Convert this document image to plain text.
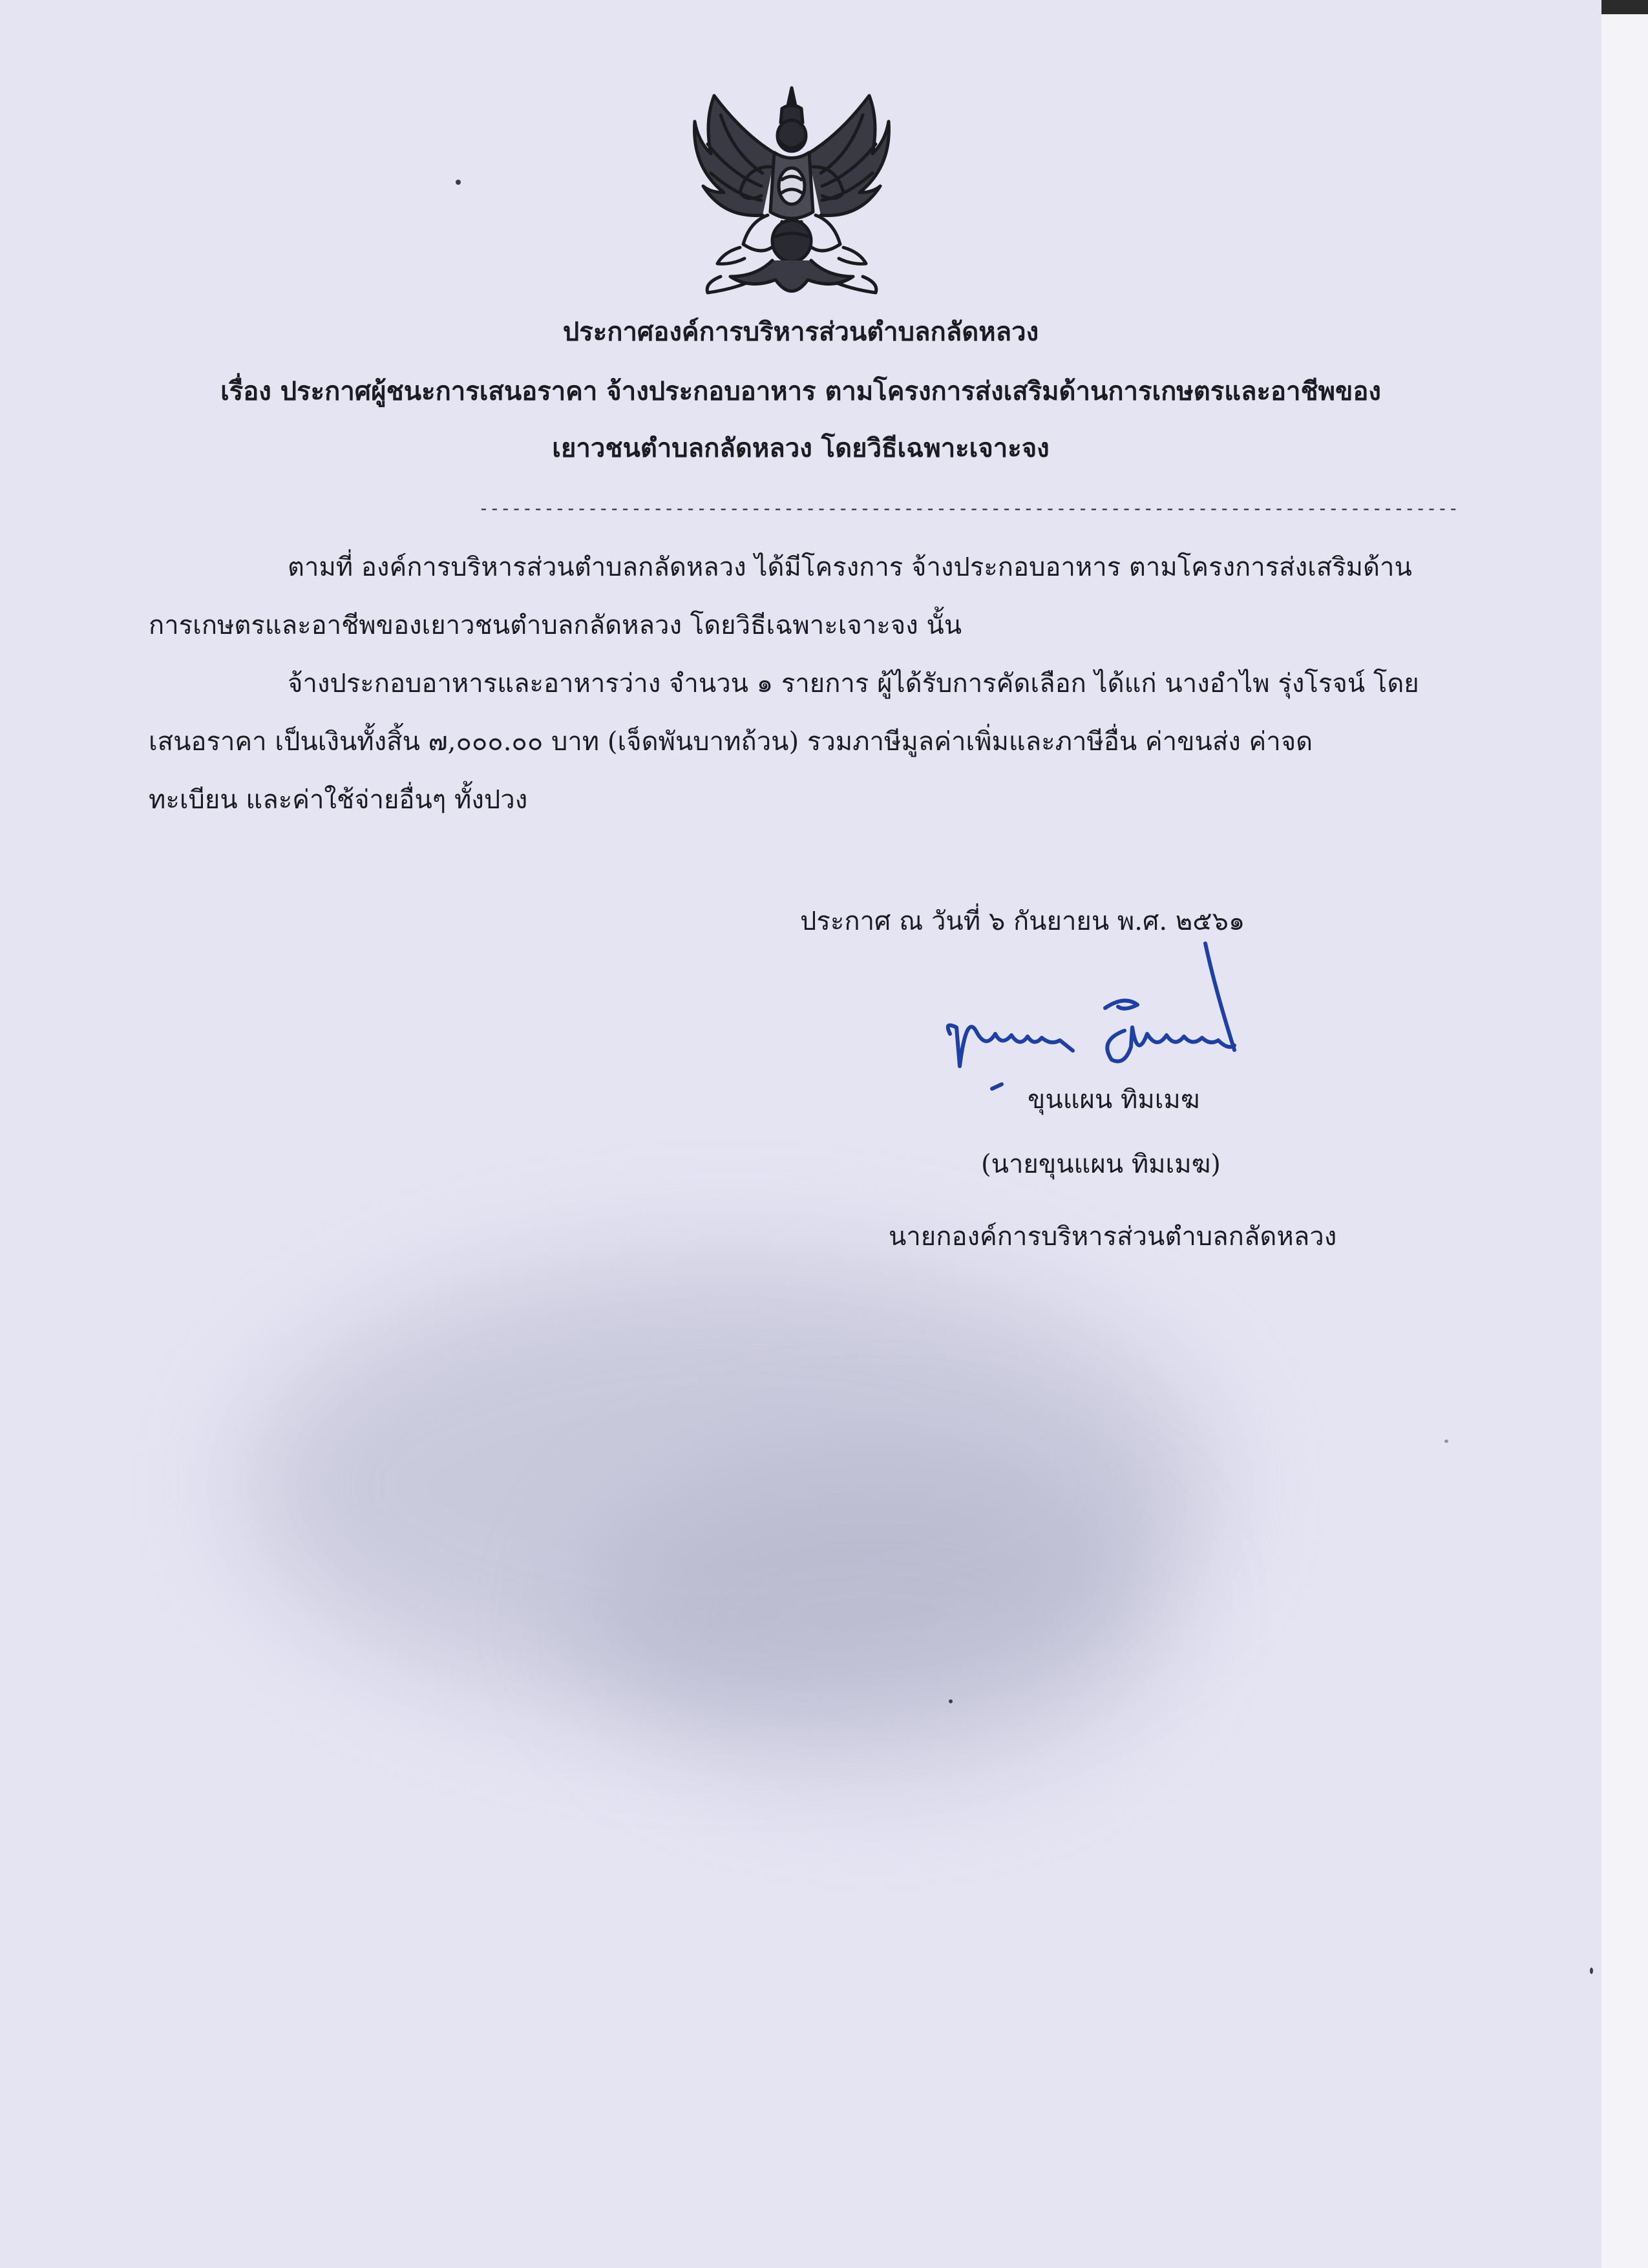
ประกาศองค์การบริหารส่วนตำบลกลัดหลวง
เรื่อง ประกาศผู้ชนะการเสนอราคา จ้างประกอบอาหาร ตามโครงการส่งเสริมด้านการเกษตรและอาชีพของ
เยาวชนตำบลกลัดหลวง โดยวิธีเฉพาะเจาะจง
------------------------------------------------------------------------------------------
ตามที่ องค์การบริหารส่วนตำบลกลัดหลวง ได้มีโครงการ จ้างประกอบอาหาร ตามโครงการส่งเสริมด้าน
การเกษตรและอาชีพของเยาวชนตำบลกลัดหลวง โดยวิธีเฉพาะเจาะจง นั้น
จ้างประกอบอาหารและอาหารว่าง จำนวน ๑ รายการ ผู้ได้รับการคัดเลือก ได้แก่ นางอำไพ รุ่งโรจน์ โดย
เสนอราคา เป็นเงินทั้งสิ้น ๗,๐๐๐.๐๐ บาท (เจ็ดพันบาทถ้วน) รวมภาษีมูลค่าเพิ่มและภาษีอื่น ค่าขนส่ง ค่าจด
ทะเบียน และค่าใช้จ่ายอื่นๆ ทั้งปวง
ประกาศ ณ วันที่ ๖ กันยายน พ.ศ. ๒๕๖๑
ขุนแผน ทิมเมฆ
(นายขุนแผน ทิมเมฆ)
นายกองค์การบริหารส่วนตำบลกลัดหลวง
